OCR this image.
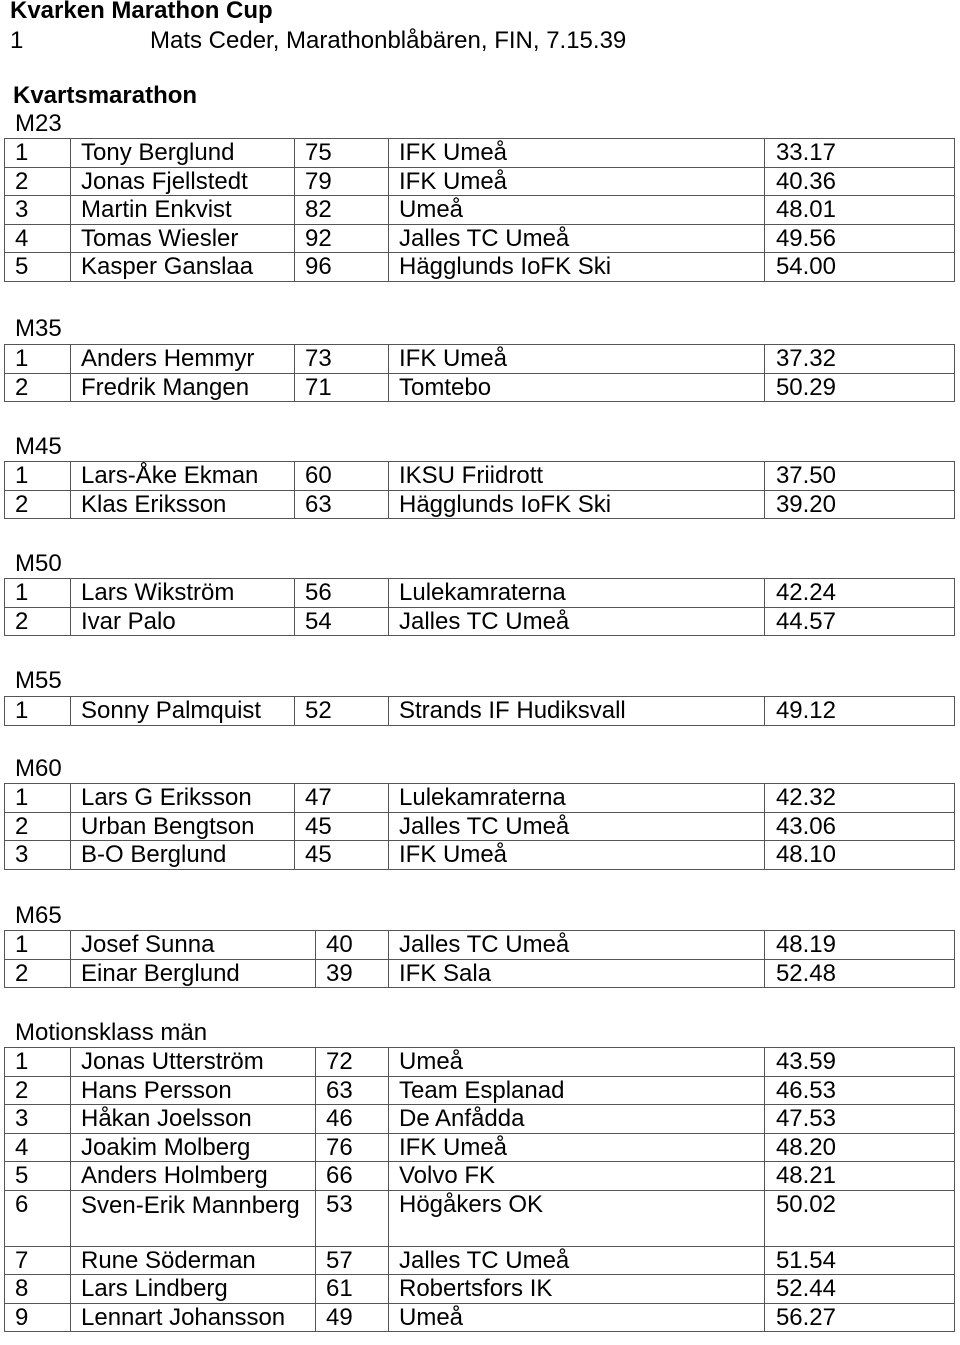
Kvarken Marathon Cup
1	Mats Ceder, Marathonblåbären, FIN, 7.15.39
Kvartsmarathon
M23
1	Tony Berglund	75	IFK Umeå	33.17
2	Jonas Fjellstedt	79	IFK Umeå	40.36
3	Martin Enkvist	82	Umeå	48.01
4	Tomas Wiesler	92	Jalles TC Umeå	49.56
5	Kasper Ganslaa	96	Hägglunds IoFK Ski	54.00
M35
1	Anders Hemmyr	73	IFK Umeå	37.32
2	Fredrik Mangen	71	Tomtebo	50.29
M45
1	Lars-Åke Ekman	60	IKSU Friidrott	37.50
2	Klas Eriksson	63	Hägglunds IoFK Ski	39.20
M50
1	Lars Wikström	56	Lulekamraterna	42.24
2	Ivar Palo	54	Jalles TC Umeå	44.57
M55
1	Sonny Palmquist	52	Strands IF Hudiksvall	49.12
M60
1	Lars G Eriksson	47	Lulekamraterna	42.32
2	Urban Bengtson	45	Jalles TC Umeå	43.06
3	B-O Berglund	45	IFK Umeå	48.10
M65
1	Josef Sunna	40	Jalles TC Umeå	48.19
2	Einar Berglund	39	IFK Sala	52.48
Motionsklass män
1	Jonas Utterström	72	Umeå	43.59
2	Hans Persson	63	Team Esplanad	46.53
3	Håkan Joelsson	46	De Anfådda	47.53
4	Joakim Molberg	76	IFK Umeå	48.20
5	Anders Holmberg	66	Volvo FK	48.21
6	Sven-Erik Mannberg	53	Högåkers OK	50.02
7	Rune Söderman	57	Jalles TC Umeå	51.54
8	Lars Lindberg	61	Robertsfors IK	52.44
9	Lennart Johansson	49	Umeå	56.27
